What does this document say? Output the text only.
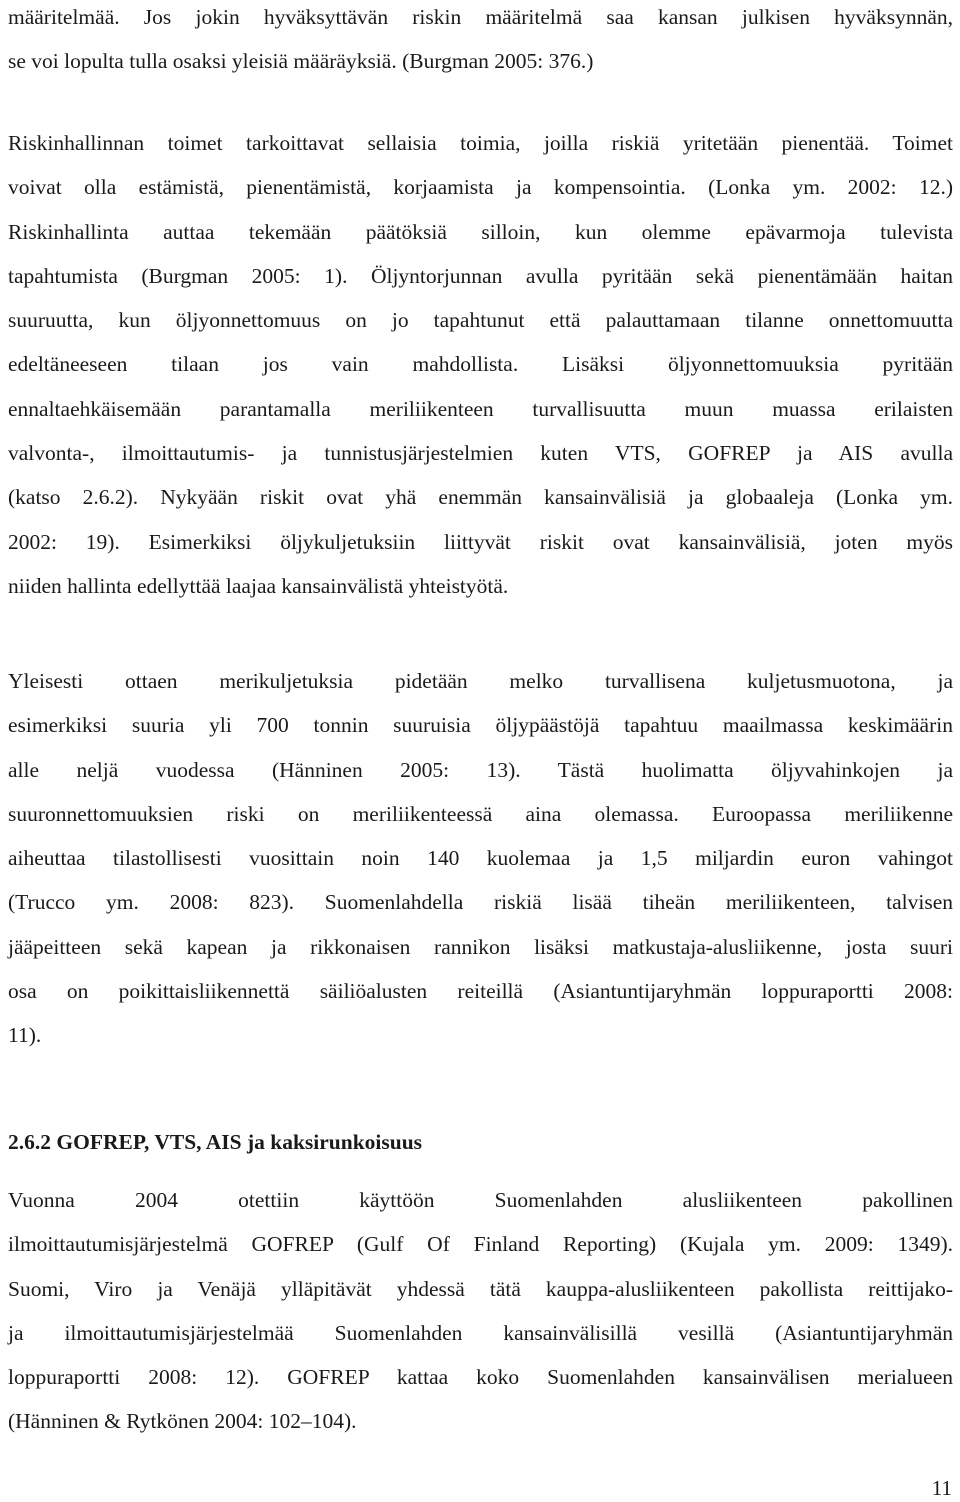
määritelmää. Jos jokin hyväksyttävän riskin määritelmä saa kansan julkisen hyväksynnän,
se voi lopulta tulla osaksi yleisiä määräyksiä. (Burgman 2005: 376.)

Riskinhallinnan toimet tarkoittavat sellaisia toimia, joilla riskiä yritetään pienentää. Toimet
voivat olla estämistä, pienentämistä, korjaamista ja kompensointia. (Lonka ym. 2002: 12.)
Riskinhallinta auttaa tekemään päätöksiä silloin, kun olemme epävarmoja tulevista
tapahtumista (Burgman 2005: 1). Öljyntorjunnan avulla pyritään sekä pienentämään haitan
suuruutta, kun öljyonnettomuus on jo tapahtunut että palauttamaan tilanne onnettomuutta
edeltäneeseen tilaan jos vain mahdollista. Lisäksi öljyonnettomuuksia pyritään
ennaltaehkäisemään parantamalla meriliikenteen turvallisuutta muun muassa erilaisten
valvonta-, ilmoittautumis- ja tunnistusjärjestelmien kuten VTS, GOFREP ja AIS avulla
(katso 2.6.2). Nykyään riskit ovat yhä enemmän kansainvälisiä ja globaaleja (Lonka ym.
2002: 19). Esimerkiksi öljykuljetuksiin liittyvät riskit ovat kansainvälisiä, joten myös
niiden hallinta edellyttää laajaa kansainvälistä yhteistyötä.

Yleisesti ottaen merikuljetuksia pidetään melko turvallisena kuljetusmuotona, ja
esimerkiksi suuria yli 700 tonnin suuruisia öljypäästöjä tapahtuu maailmassa keskimäärin
alle neljä vuodessa (Hänninen 2005: 13). Tästä huolimatta öljyvahinkojen ja
suuronnettomuuksien riski on meriliikenteessä aina olemassa. Euroopassa meriliikenne
aiheuttaa tilastollisesti vuosittain noin 140 kuolemaa ja 1,5 miljardin euron vahingot
(Trucco ym. 2008: 823). Suomenlahdella riskiä lisää tiheän meriliikenteen, talvisen
jääpeitteen sekä kapean ja rikkonaisen rannikon lisäksi matkustaja-alusliikenne, josta suuri
osa on poikittaisliikennettä säiliöalusten reiteillä (Asiantuntijaryhmän loppuraportti 2008:
11).

2.6.2 GOFREP, VTS, AIS ja kaksirunkoisuus

Vuonna 2004 otettiin käyttöön Suomenlahden alusliikenteen pakollinen
ilmoittautumisjärjestelmä GOFREP (Gulf Of Finland Reporting) (Kujala ym. 2009: 1349).
Suomi, Viro ja Venäjä ylläpitävät yhdessä tätä kauppa-alusliikenteen pakollista reittijako-
ja ilmoittautumisjärjestelmää Suomenlahden kansainvälisillä vesillä (Asiantuntijaryhmän
loppuraportti 2008: 12). GOFREP kattaa koko Suomenlahden kansainvälisen merialueen
(Hänninen & Rytkönen 2004: 102–104).

11
